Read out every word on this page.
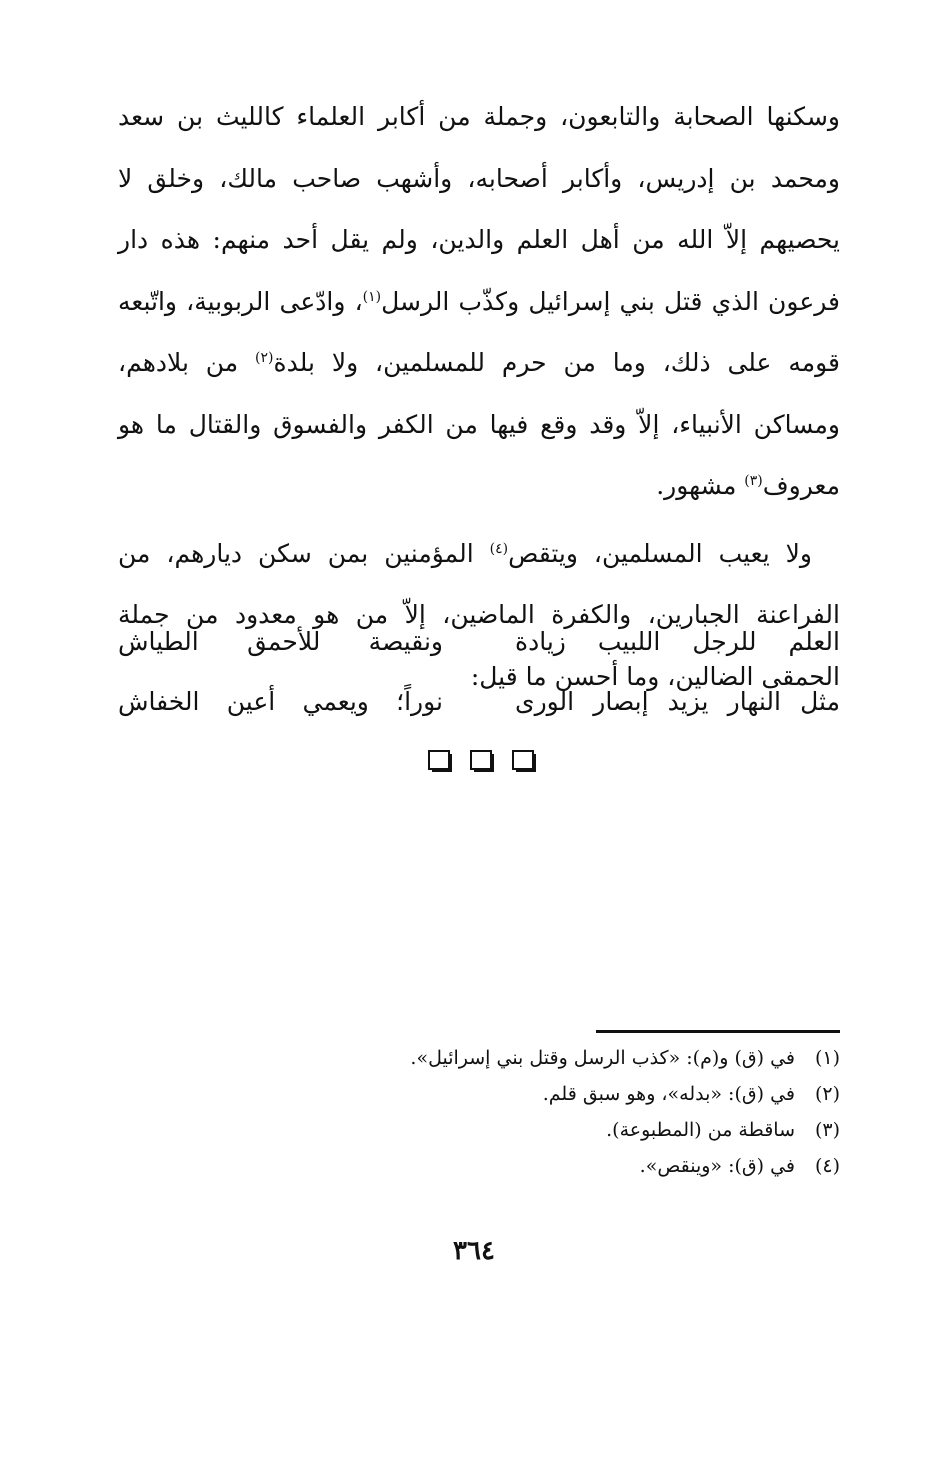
وسكنها الصحابة والتابعون، وجملة من أكابر العلماء كالليث بن سعد ومحمد بن إدريس، وأكابر أصحابه، وأشهب صاحب مالك، وخلق لا يحصيهم إلاّ الله من أهل العلم والدين، ولم يقل أحد منهم: هذه دار فرعون الذي قتل بني إسرائيل وكذّب الرسل$^{(١)}$، وادّعى الربوبية، واتّبعه قومه على ذلك، وما من حرم للمسلمين، ولا بلدة$^{(٢)}$ من بلادهم، ومساكن الأنبياء، إلاّ وقد وقع فيها من الكفر والفسوق والقتال ما هو معروف$^{(٣)}$ مشهور.

ولا يعيب المسلمين، ويتقص$^{(٤)}$ المؤمنين بمن سكن ديارهم، من الفراعنة الجبارين، والكفرة الماضين، إلاّ من هو معدود من جملة الحمقى الضالين، وما أحسن ما قيل:

العلم للرجل اللبيب زيادة
ونقيصة للأحمق الطياش
مثل النهار يزيد إبصار الورى
نوراً؛ ويعمي أعين الخفاش
(١)
في (ق) و(م): «كذب الرسل وقتل بني إسرائيل».
(٢)
في (ق): «بدله»، وهو سبق قلم.
(٣)
ساقطة من (المطبوعة).
(٤)
في (ق): «وينقص».
٣٦٤
